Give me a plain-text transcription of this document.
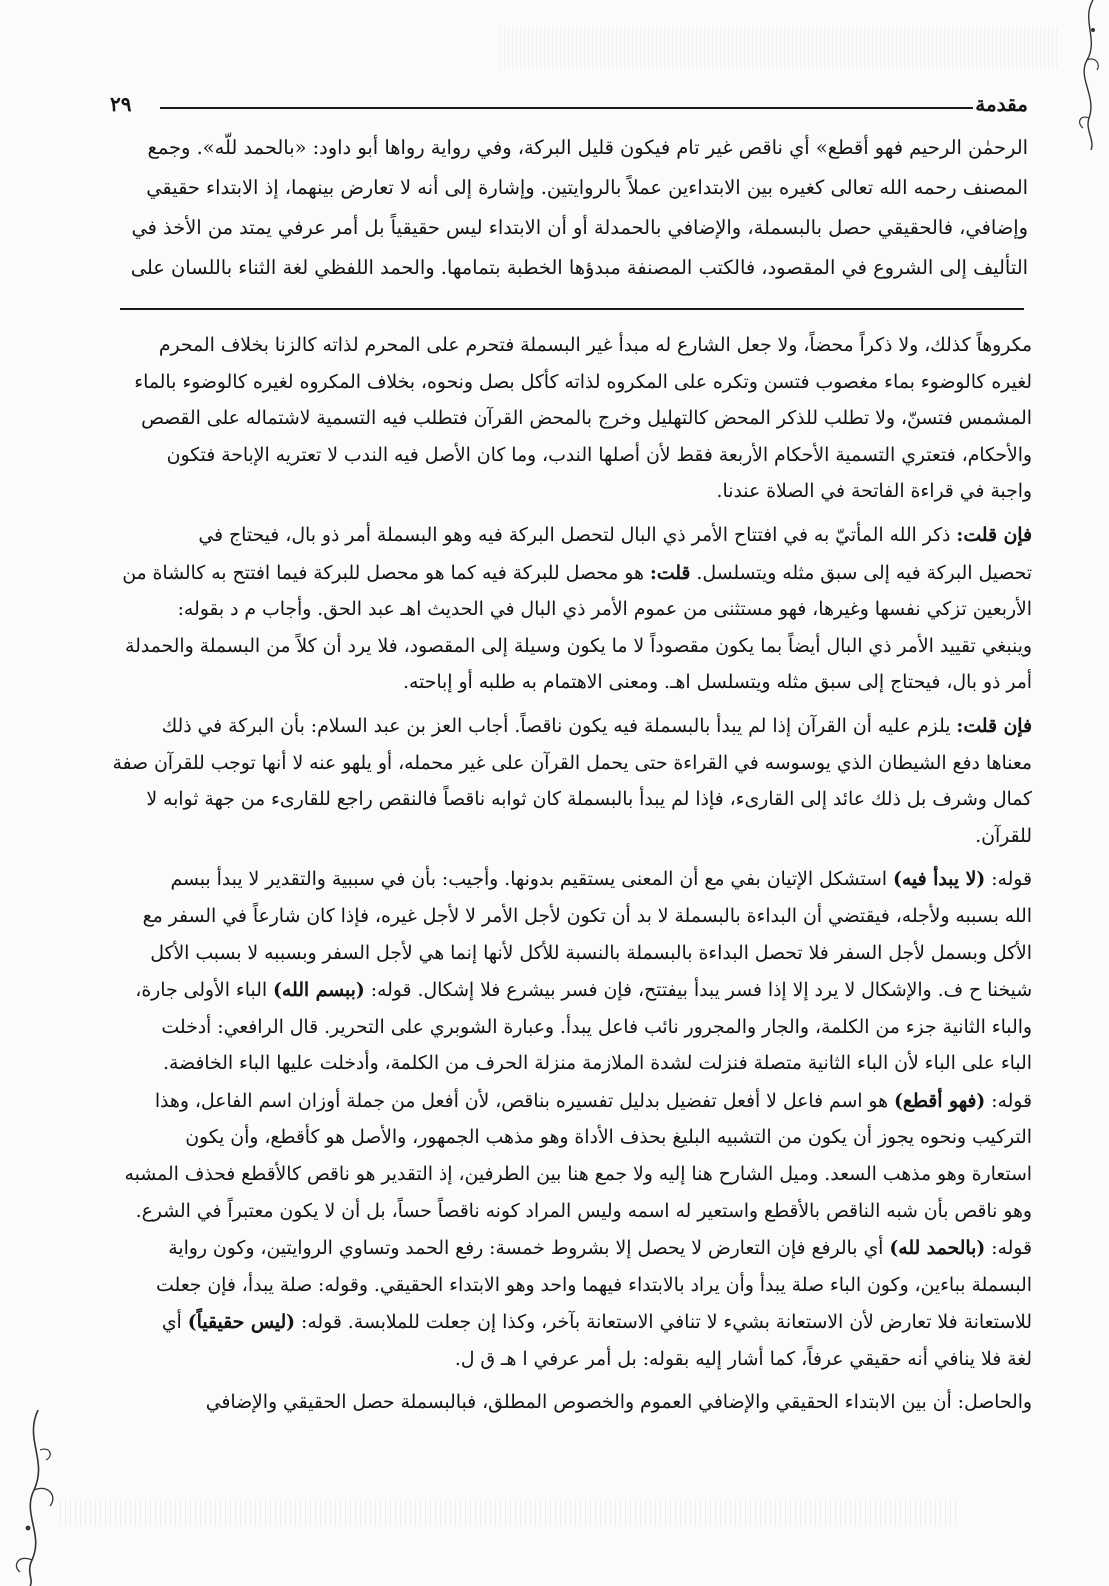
مقدمة
٢٩
الرحمٰن الرحيم فهو أقطع» أي ناقص غير تام فيكون قليل البركة، وفي رواية رواها أبو داود: «بالحمد للّه». وجمع
المصنف رحمه الله تعالى كغيره بين الابتداءين عملاً بالروايتين. وإشارة إلى أنه لا تعارض بينهما، إذ الابتداء حقيقي
وإضافي، فالحقيقي حصل بالبسملة، والإضافي بالحمدلة أو أن الابتداء ليس حقيقياً بل أمر عرفي يمتد من الأخذ في
التأليف إلى الشروع في المقصود، فالكتب المصنفة مبدؤها الخطبة بتمامها. والحمد اللفظي لغة الثناء باللسان على

مكروهاً كذلك، ولا ذكراً محضاً، ولا جعل الشارع له مبدأ غير البسملة فتحرم على المحرم لذاته كالزنا بخلاف المحرم
لغيره كالوضوء بماء مغصوب فتسن وتكره على المكروه لذاته كأكل بصل ونحوه، بخلاف المكروه لغيره كالوضوء بالماء
المشمس فتسنّ، ولا تطلب للذكر المحض كالتهليل وخرج بالمحض القرآن فتطلب فيه التسمية لاشتماله على القصص
والأحكام، فتعتري التسمية الأحكام الأربعة فقط لأن أصلها الندب، وما كان الأصل فيه الندب لا تعتريه الإباحة فتكون
واجبة في قراءة الفاتحة في الصلاة عندنا.

فإن قلت: ذكر الله المأتيّ به في افتتاح الأمر ذي البال لتحصل البركة فيه وهو البسملة أمر ذو بال، فيحتاج في
تحصيل البركة فيه إلى سبق مثله ويتسلسل. قلت: هو محصل للبركة فيه كما هو محصل للبركة فيما افتتح به كالشاة من
الأربعين تزكي نفسها وغيرها، فهو مستثنى من عموم الأمر ذي البال في الحديث اهـ عبد الحق. وأجاب م د بقوله:
وينبغي تقييد الأمر ذي البال أيضاً بما يكون مقصوداً لا ما يكون وسيلة إلى المقصود، فلا يرد أن كلاً من البسملة والحمدلة
أمر ذو بال، فيحتاج إلى سبق مثله ويتسلسل اهـ. ومعنى الاهتمام به طلبه أو إباحته.

فإن قلت: يلزم عليه أن القرآن إذا لم يبدأ بالبسملة فيه يكون ناقصاً. أجاب العز بن عبد السلام: بأن البركة في ذلك
معناها دفع الشيطان الذي يوسوسه في القراءة حتى يحمل القرآن على غير محمله، أو يلهو عنه لا أنها توجب للقرآن صفة
كمال وشرف بل ذلك عائد إلى القارىء، فإذا لم يبدأ بالبسملة كان ثوابه ناقصاً فالنقص راجع للقارىء من جهة ثوابه لا
للقرآن.

قوله: (لا يبدأ فيه) استشكل الإتيان بفي مع أن المعنى يستقيم بدونها. وأجيب: بأن في سببية والتقدير لا يبدأ ببسم
الله بسببه ولأجله، فيقتضي أن البداءة بالبسملة لا بد أن تكون لأجل الأمر لا لأجل غيره، فإذا كان شارعاً في السفر مع
الأكل وبسمل لأجل السفر فلا تحصل البداءة بالبسملة بالنسبة للأكل لأنها إنما هي لأجل السفر وبسببه لا بسبب الأكل
شيخنا ح ف. والإشكال لا يرد إلا إذا فسر يبدأ بيفتتح، فإن فسر بيشرع فلا إشكال. قوله: (ببسم الله) الباء الأولى جارة،
والباء الثانية جزء من الكلمة، والجار والمجرور نائب فاعل يبدأ. وعبارة الشوبري على التحرير. قال الرافعي: أدخلت
الباء على الباء لأن الباء الثانية متصلة فنزلت لشدة الملازمة منزلة الحرف من الكلمة، وأدخلت عليها الباء الخافضة.

قوله: (فهو أقطع) هو اسم فاعل لا أفعل تفضيل بدليل تفسيره بناقص، لأن أفعل من جملة أوزان اسم الفاعل، وهذا
التركيب ونحوه يجوز أن يكون من التشبيه البليغ بحذف الأداة وهو مذهب الجمهور، والأصل هو كأقطع، وأن يكون
استعارة وهو مذهب السعد. وميل الشارح هنا إليه ولا جمع هنا بين الطرفين، إذ التقدير هو ناقص كالأقطع فحذف المشبه
وهو ناقص بأن شبه الناقص بالأقطع واستعير له اسمه وليس المراد كونه ناقصاً حساً، بل أن لا يكون معتبراً في الشرع.

قوله: (بالحمد لله) أي بالرفع فإن التعارض لا يحصل إلا بشروط خمسة: رفع الحمد وتساوي الروايتين، وكون رواية
البسملة بباءين، وكون الباء صلة يبدأ وأن يراد بالابتداء فيهما واحد وهو الابتداء الحقيقي. وقوله: صلة يبدأ، فإن جعلت
للاستعانة فلا تعارض لأن الاستعانة بشيء لا تنافي الاستعانة بآخر، وكذا إن جعلت للملابسة. قوله: (ليس حقيقياً) أي
لغة فلا ينافي أنه حقيقي عرفاً، كما أشار إليه بقوله: بل أمر عرفي ا هـ ق ل.

والحاصل: أن بين الابتداء الحقيقي والإضافي العموم والخصوص المطلق، فبالبسملة حصل الحقيقي والإضافي
